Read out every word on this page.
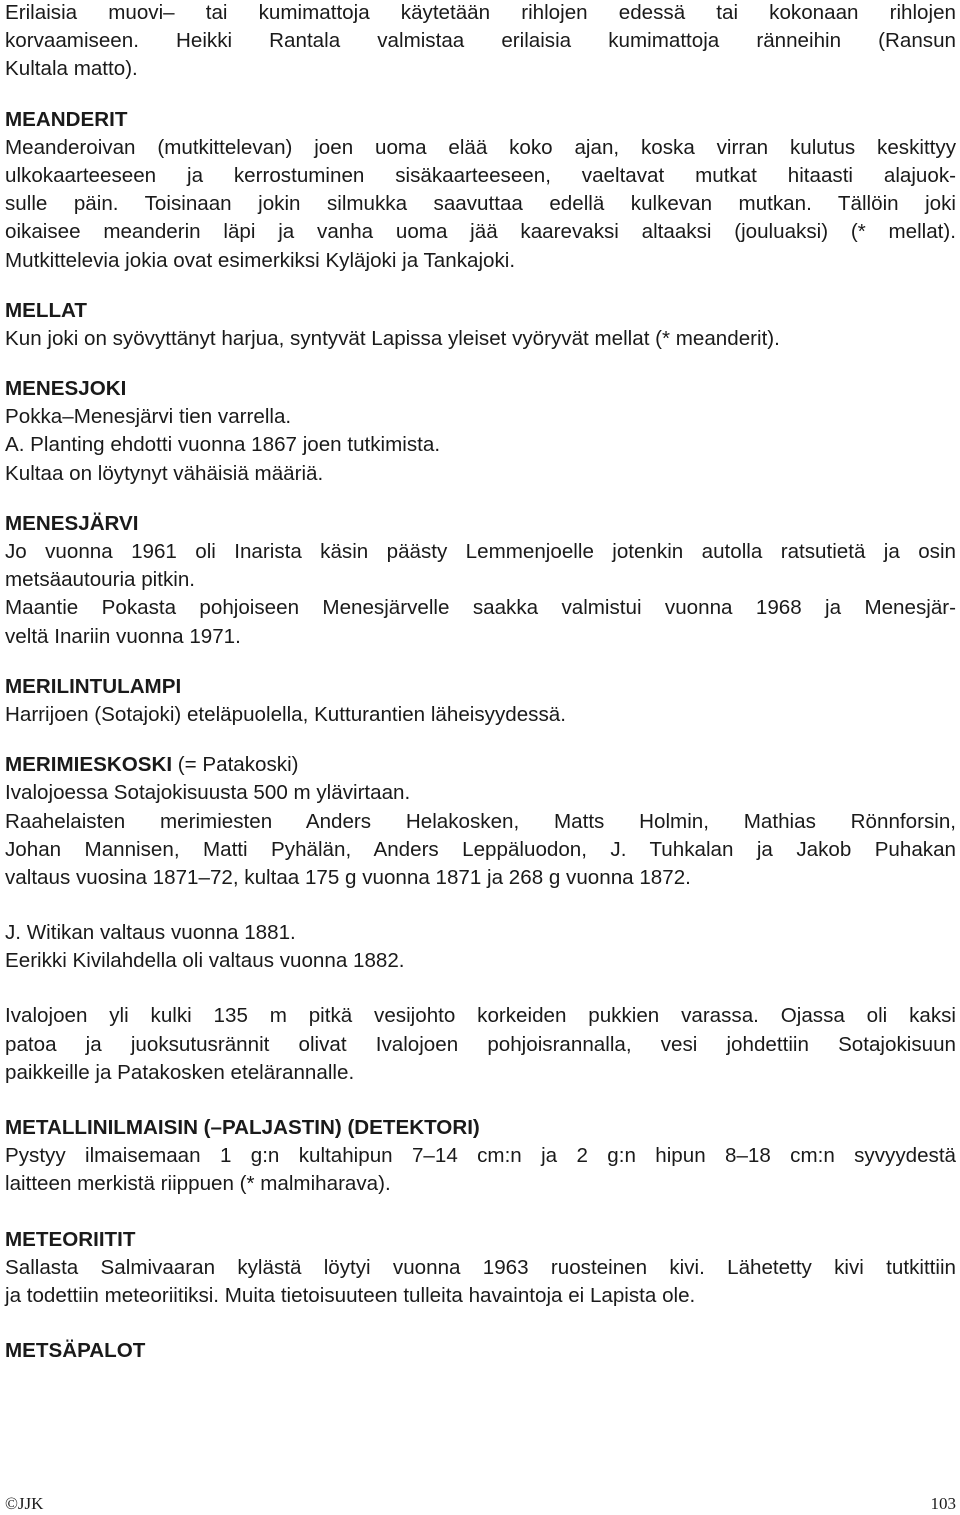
Erilaisia muovi– tai kumimattoja käytetään rihlojen edessä tai kokonaan rihlojen
korvaamiseen. Heikki Rantala valmistaa erilaisia kumimattoja ränneihin (Ransun
Kultala matto).
MEANDERIT
Meanderoivan (mutkittelevan) joen uoma elää koko ajan, koska virran kulutus keskittyy
ulkokaarteeseen ja kerrostuminen sisäkaarteeseen, vaeltavat mutkat hitaasti alajuok-
sulle päin. Toisinaan jokin silmukka saavuttaa edellä kulkevan mutkan. Tällöin joki
oikaisee meanderin läpi ja vanha uoma jää kaarevaksi altaaksi (jouluaksi) (* mellat).
Mutkittelevia jokia ovat esimerkiksi Kyläjoki ja Tankajoki.
MELLAT
Kun joki on syövyttänyt harjua, syntyvät Lapissa yleiset vyöryvät mellat (* meanderit).
MENESJOKI
Pokka–Menesjärvi tien varrella.
A. Planting ehdotti vuonna 1867 joen tutkimista.
Kultaa on löytynyt vähäisiä määriä.
MENESJÄRVI
Jo vuonna 1961 oli Inarista käsin päästy Lemmenjoelle jotenkin autolla ratsutietä ja osin
metsäautouria pitkin.
Maantie Pokasta pohjoiseen Menesjärvelle saakka valmistui vuonna 1968 ja Menesjär-
veltä Inariin vuonna 1971.
MERILINTULAMPI
Harrijoen (Sotajoki) eteläpuolella, Kutturantien läheisyydessä.
MERIMIESKOSKI (= Patakoski)
Ivalojoessa Sotajokisuusta 500 m ylävirtaan.
Raahelaisten merimiesten Anders Helakosken, Matts Holmin, Mathias Rönnforsin,
Johan Mannisen, Matti Pyhälän, Anders Leppäluodon, J. Tuhkalan ja Jakob Puhakan
valtaus vuosina 1871–72, kultaa 175 g vuonna 1871 ja 268 g vuonna 1872.
J. Witikan valtaus vuonna 1881.
Eerikki Kivilahdella oli valtaus vuonna 1882.
Ivalojoen yli kulki 135 m pitkä vesijohto korkeiden pukkien varassa. Ojassa oli kaksi
patoa ja juoksutusrännit olivat Ivalojoen pohjoisrannalla, vesi johdettiin Sotajokisuun
paikkeille ja Patakosken etelärannalle.
METALLINILMAISIN (–PALJASTIN) (DETEKTORI)
Pystyy ilmaisemaan 1 g:n kultahipun 7–14 cm:n ja 2 g:n hipun 8–18 cm:n syvyydestä
laitteen merkistä riippuen (* malmiharava).
METEORIITIT
Sallasta Salmivaaran kylästä löytyi vuonna 1963 ruosteinen kivi. Lähetetty kivi tutkittiin
ja todettiin meteoriitiksi. Muita tietoisuuteen tulleita havaintoja ei Lapista ole.
METSÄPALOT
©JJK	103
